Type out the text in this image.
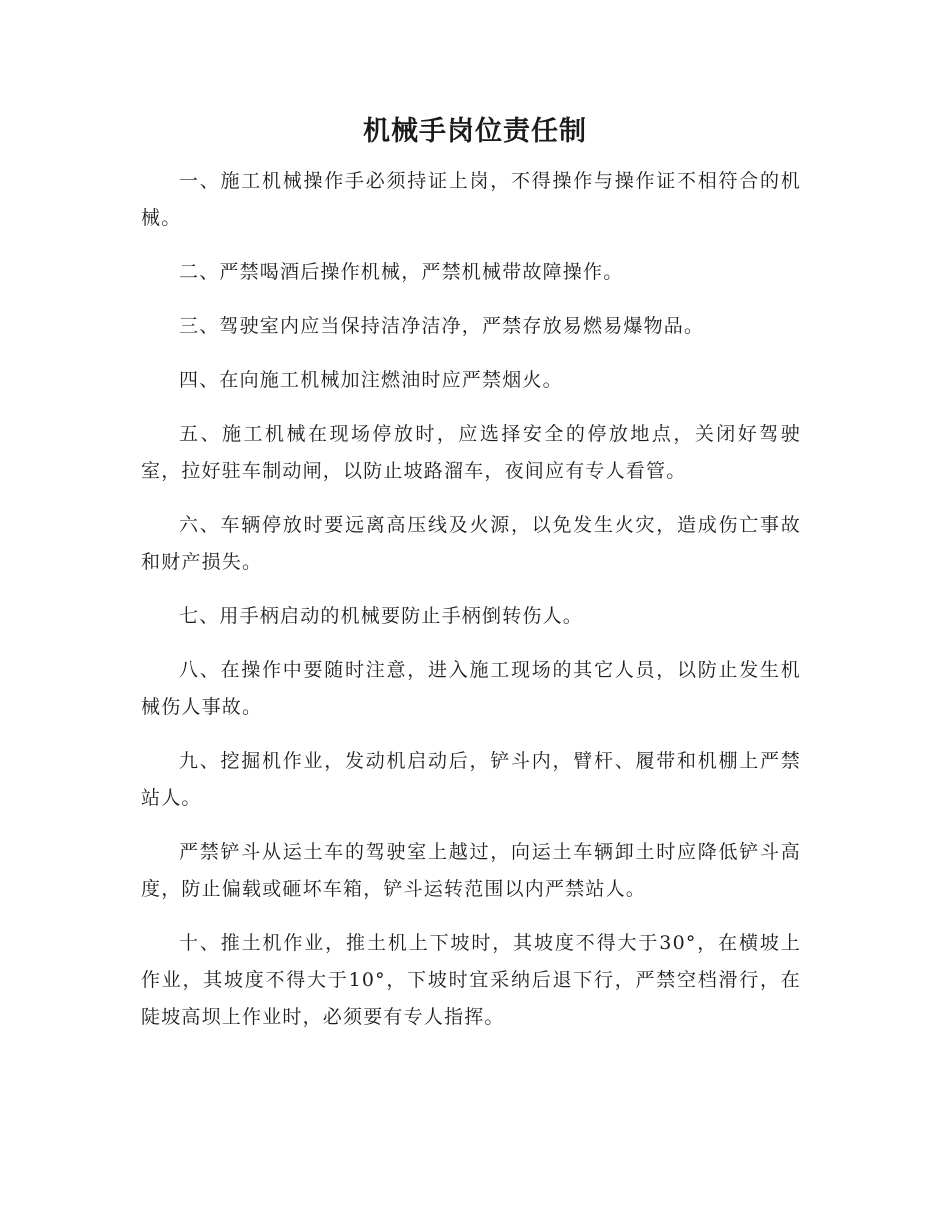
机械手岗位责任制

一、施工机械操作手必须持证上岗，不得操作与操作证不相符合的机械。

二、严禁喝酒后操作机械，严禁机械带故障操作。

三、驾驶室内应当保持洁净洁净，严禁存放易燃易爆物品。

四、在向施工机械加注燃油时应严禁烟火。

五、施工机械在现场停放时，应选择安全的停放地点，关闭好驾驶室，拉好驻车制动闸，以防止坡路溜车，夜间应有专人看管。

六、车辆停放时要远离高压线及火源，以免发生火灾，造成伤亡事故和财产损失。

七、用手柄启动的机械要防止手柄倒转伤人。

八、在操作中要随时注意，进入施工现场的其它人员，以防止发生机械伤人事故。

九、挖掘机作业，发动机启动后，铲斗内，臂杆、履带和机棚上严禁站人。

严禁铲斗从运土车的驾驶室上越过，向运土车辆卸土时应降低铲斗高度，防止偏载或砸坏车箱，铲斗运转范围以内严禁站人。

十、推土机作业，推土机上下坡时，其坡度不得大于30°，在横坡上作业，其坡度不得大于10°，下坡时宜采纳后退下行，严禁空档滑行，在陡坡高坝上作业时，必须要有专人指挥。
